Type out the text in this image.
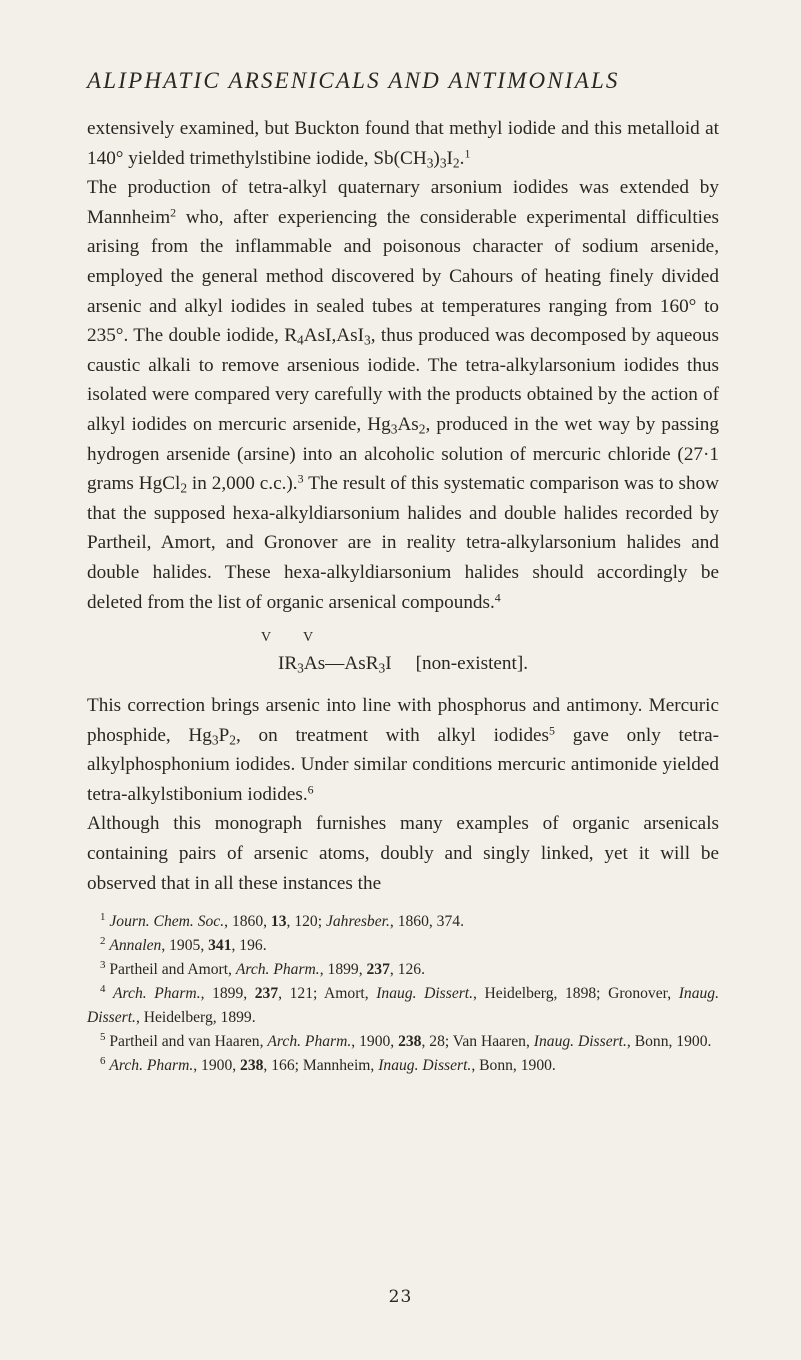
ALIPHATIC ARSENICALS AND ANTIMONIALS

extensively examined, but Buckton found that methyl iodide and this metalloid at 140° yielded trimethylstibine iodide, $Sb(CH_3)_3I_2.^1$

The production of tetra-alkyl quaternary arsonium iodides was extended by Mannheim$^2$ who, after experiencing the considerable experimental difficulties arising from the inflammable and poisonous character of sodium arsenide, employed the general method discovered by Cahours of heating finely divided arsenic and alkyl iodides in sealed tubes at temperatures ranging from 160° to 235°. The double iodide, $R_4AsI,AsI_3$, thus produced was decomposed by aqueous caustic alkali to remove arsenious iodide. The tetra-alkylarsonium iodides thus isolated were compared very carefully with the products obtained by the action of alkyl iodides on mercuric arsenide, $Hg_3As_2$, produced in the wet way by passing hydrogen arsenide (arsine) into an alcoholic solution of mercuric chloride (27·1 grams HgCl$_2$ in 2,000 c.c.).$^3$ The result of this systematic comparison was to show that the supposed hexa-alkyldiarsonium halides and double halides recorded by Partheil, Amort, and Gronover are in reality tetra-alkylarsonium halides and double halides. These hexa-alkyldiarsonium halides should accordingly be deleted from the list of organic arsenical compounds.$^4$

V V
$IR_3As—AsR_3I$ [non-existent].

This correction brings arsenic into line with phosphorus and antimony. Mercuric phosphide, $Hg_3P_2$, on treatment with alkyl iodides$^5$ gave only tetra-alkylphosphonium iodides. Under similar conditions mercuric antimonide yielded tetra-alkylstibonium iodides.$^6$

Although this monograph furnishes many examples of organic arsenicals containing pairs of arsenic atoms, doubly and singly linked, yet it will be observed that in all these instances the

$^1$ Journ. Chem. Soc., 1860, 13, 120; Jahresber., 1860, 374.

$^2$ Annalen, 1905, 341, 196.

$^3$ Partheil and Amort, Arch. Pharm., 1899, 237, 126.

$^4$ Arch. Pharm., 1899, 237, 121; Amort, Inaug. Dissert., Heidelberg, 1898; Gronover, Inaug. Dissert., Heidelberg, 1899.

$^5$ Partheil and van Haaren, Arch. Pharm., 1900, 238, 28; Van Haaren, Inaug. Dissert., Bonn, 1900.

$^6$ Arch. Pharm., 1900, 238, 166; Mannheim, Inaug. Dissert., Bonn, 1900.

23
